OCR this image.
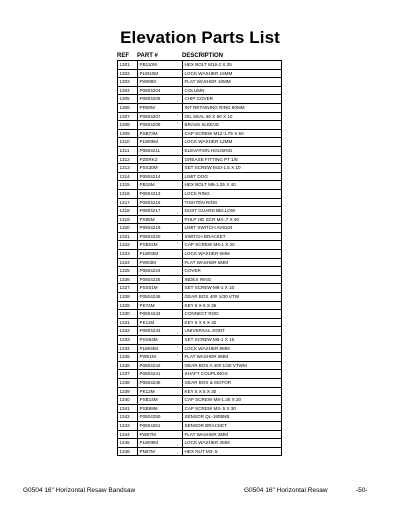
Elevation Parts List
REF	PART #	DESCRIPTION
1301	PB110M	HEX BOLT M16-2 X 25
1302	PLW10M	LOCK WASHER 16MM
1303	PW08M	FLAT WASHER 16MM
1304	P0504204	COLUMN
1305	P0504205	CHIP COVER
1306	PR50M	INT RETAINING RING 80MM
1307	P0504207	OIL SEAL 60 X 80 X 10
1308	P0504208	BRASS SLEEVE
1309	PSB73M	CAP SCREW M12-1.75 X 50
1310	PLW05M	LOCK WASHER 12MM
1311	P0504211	ELEVATION HOUSING
1312	PZERK2	GREASE FITTING PT 1/8
1313	PSS30M	SET SCREW M10-1.5 X 10
1314	P0504214	LIMIT DOG
1315	PB15M	HEX BOLT M8-1.25 X 40
1316	P0504213	LOCK RING
1317	P0504216	TIGHTEN RING
1318	P0504217	DUST GUARD BELLOW
1319	PS65M	PHLP HD SCR M4-.7 X 40
1320	P0504219	LIMIT SWITCH AV8104
1321	P0504220	SWITCH BRACKET
1322	PSB02M	CAP SCREW M6-1 X 20
1323	PLW03M	LOCK WASHER 6MM
1324	PW03M	FLAT WASHER 6MM
1325	P0504224	COVER
1326	P0504225	INDEX RING
1327	PSS01M	SET SCREW M6-1 X 10
1328	P0504245	GEAR BOX 40# 1/30 VTW
1329	PK74M	KEY 6 X 6 X 35
1330	P0504244	CONNECT ROD
1331	PK11M	KEY 6 X 6 X 40
1332	P0504243	UNIVERSAL JOINT
1333	PSS64M	SET SCREW M6-1 X 15
1334	PLW04M	LOCK WASHER 8MM
1335	PW01M	FLAT WASHER 8MM
1336	P0504242	GEAR BOX A 40# 1/30 VTWM
1337	P0504241	SHAFT COUPLINGS
1338	P0504235	GEAR BOX & MOTOR
1339	PK12M	KEY 5 X 5 X 30
1340	PSB14M	CAP SCREW M8-1.25 X 20
1341	PSB99M	CAP SCREW M3-.5 X 30
1342	P0504250	SENSOR QL-1805NB
1343	P0504251	SENSOR BRACKET
1344	PW07M	FLAT WASHER 3MM
1345	PLW09M	LOCK WASHER 3MM
1346	PN07M	HEX NUT M3-.5
G0504 16" Horizontal Resaw Bandsaw	G0504 16" Horizontal Resaw	-50-
